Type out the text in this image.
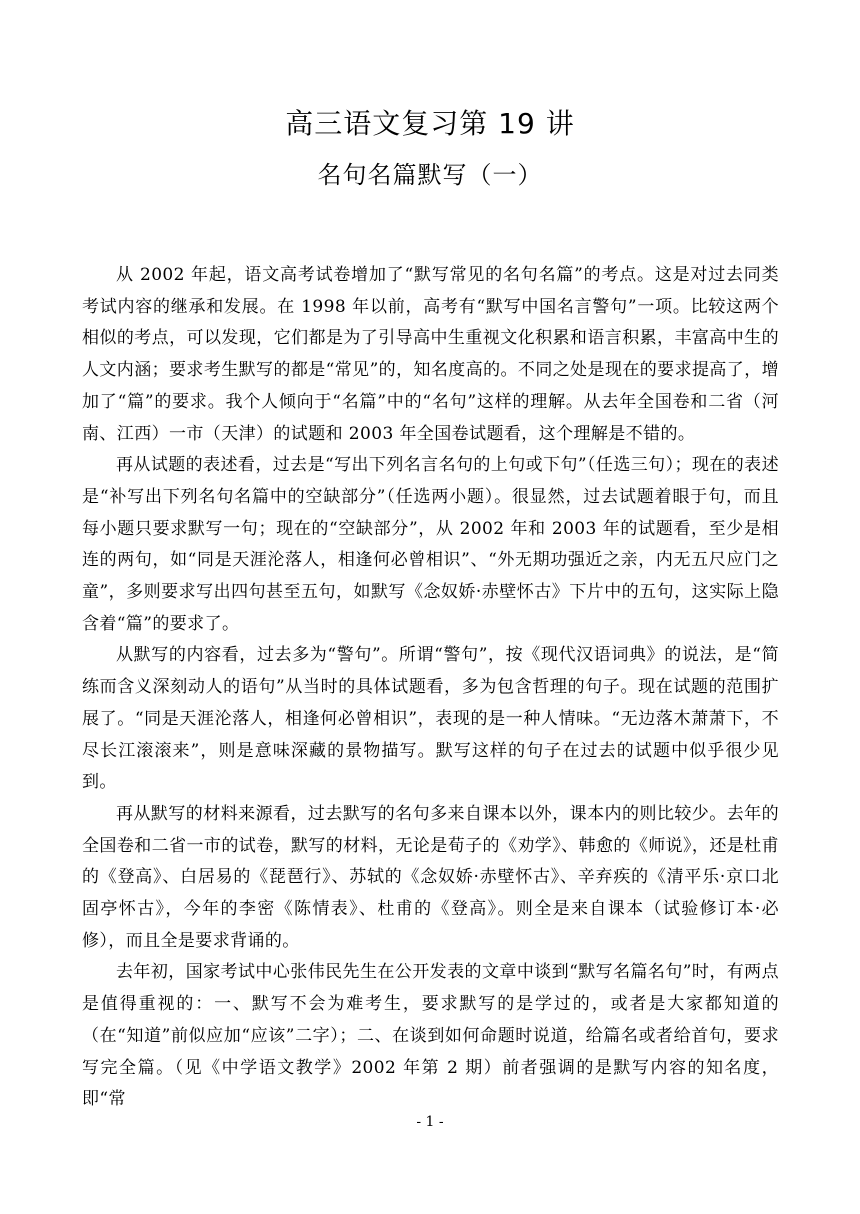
高三语文复习第 19 讲
名句名篇默写（一）

从 2002 年起，语文高考试卷增加了“默写常见的名句名篇”的考点。这是对过去同类考试内容的继承和发展。在 1998 年以前，高考有“默写中国名言警句”一项。比较这两个相似的考点，可以发现，它们都是为了引导高中生重视文化积累和语言积累，丰富高中生的人文内涵；要求考生默写的都是“常见”的，知名度高的。不同之处是现在的要求提高了，增加了“篇”的要求。我个人倾向于“名篇”中的“名句”这样的理解。从去年全国卷和二省（河南、江西）一市（天津）的试题和 2003 年全国卷试题看，这个理解是不错的。

再从试题的表述看，过去是“写出下列名言名句的上句或下句”（任选三句）；现在的表述是“补写出下列名句名篇中的空缺部分”（任选两小题）。很显然，过去试题着眼于句，而且每小题只要求默写一句；现在的“空缺部分”，从 2002 年和 2003 年的试题看，至少是相连的两句，如“同是天涯沦落人，相逢何必曾相识”、“外无期功强近之亲，内无五尺应门之童”，多则要求写出四句甚至五句，如默写《念奴娇·赤壁怀古》下片中的五句，这实际上隐含着“篇”的要求了。

从默写的内容看，过去多为“警句”。所谓“警句”，按《现代汉语词典》的说法，是“简练而含义深刻动人的语句”从当时的具体试题看，多为包含哲理的句子。现在试题的范围扩展了。“同是天涯沦落人，相逢何必曾相识”，表现的是一种人情味。“无边落木萧萧下，不尽长江滚滚来”，则是意味深藏的景物描写。默写这样的句子在过去的试题中似乎很少见到。

再从默写的材料来源看，过去默写的名句多来自课本以外，课本内的则比较少。去年的全国卷和二省一市的试卷，默写的材料，无论是荀子的《劝学》、韩愈的《师说》，还是杜甫的《登高》、白居易的《琵琶行》、苏轼的《念奴娇·赤壁怀古》、辛弃疾的《清平乐·京口北固亭怀古》，今年的李密《陈情表》、杜甫的《登高》。则全是来自课本（试验修订本·必修），而且全是要求背诵的。

去年初，国家考试中心张伟民先生在公开发表的文章中谈到“默写名篇名句”时，有两点是值得重视的：一、默写不会为难考生，要求默写的是学过的，或者是大家都知道的（在“知道”前似应加“应该”二字）；二、在谈到如何命题时说道，给篇名或者给首句，要求写完全篇。（见《中学语文教学》2002 年第 2 期）前者强调的是默写内容的知名度，即“常

- 1 -
